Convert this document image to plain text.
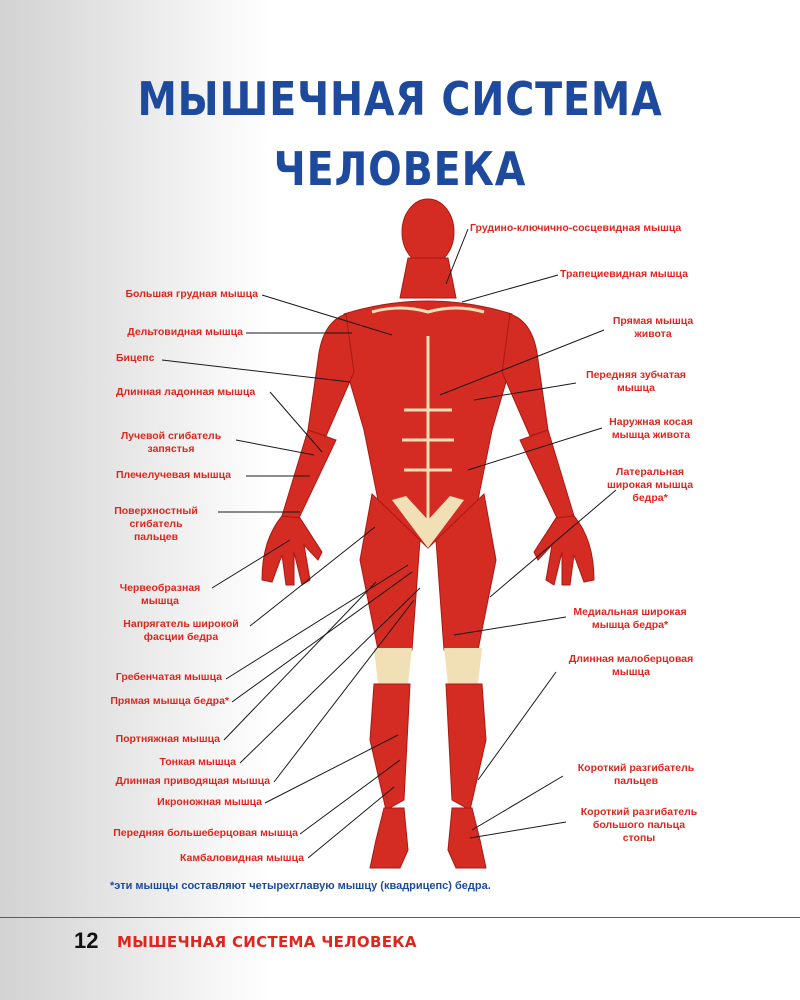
МЫШЕЧНАЯ СИСТЕМА
ЧЕЛОВЕКА
Грудино-ключично-сосцевидная мышца
Трапециевидная мышца
Прямая мышца
живота
Передняя зубчатая
мышца
Наружная косая
мышца живота
Латеральная
широкая мышца
бедра*
Медиальная широкая
мышца бедра*
Длинная малоберцовая
мышца
Короткий разгибатель
пальцев
Короткий разгибатель
большого пальца
стопы
Большая грудная мышца
Дельтовидная мышца
Бицепс
Длинная ладонная мышца
Лучевой сгибатель
запястья
Плечелучевая мышца
Поверхностный
сгибатель
пальцев
Червеобразная
мышца
Напрягатель широкой
фасции бедра
Гребенчатая мышца
Прямая мышца бедра*
Портняжная мышца
Тонкая мышца
Длинная приводящая мышца
Икроножная мышца
Передняя большеберцовая мышца
Камбаловидная мышца
*эти мышцы составляют четырехглавую мышцу (квадрицепс) бедра.
12 МЫШЕЧНАЯ СИСТЕМА ЧЕЛОВЕКА
